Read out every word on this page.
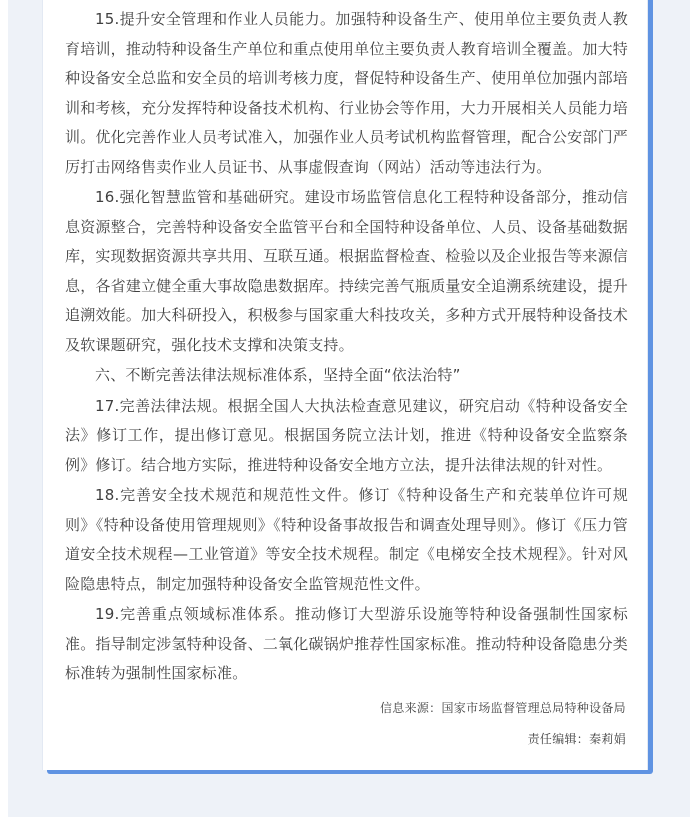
15.提升安全管理和作业人员能力。加强特种设备生产、使用单位主要负责人教育培训，推动特种设备生产单位和重点使用单位主要负责人教育培训全覆盖。加大特种设备安全总监和安全员的培训考核力度，督促特种设备生产、使用单位加强内部培训和考核，充分发挥特种设备技术机构、行业协会等作用，大力开展相关人员能力培训。优化完善作业人员考试准入，加强作业人员考试机构监督管理，配合公安部门严厉打击网络售卖作业人员证书、从事虚假查询（网站）活动等违法行为。

16.强化智慧监管和基础研究。建设市场监管信息化工程特种设备部分，推动信息资源整合，完善特种设备安全监管平台和全国特种设备单位、人员、设备基础数据库，实现数据资源共享共用、互联互通。根据监督检查、检验以及企业报告等来源信息，各省建立健全重大事故隐患数据库。持续完善气瓶质量安全追溯系统建设，提升追溯效能。加大科研投入，积极参与国家重大科技攻关，多种方式开展特种设备技术及软课题研究，强化技术支撑和决策支持。

六、不断完善法律法规标准体系，坚持全面“依法治特”

17.完善法律法规。根据全国人大执法检查意见建议，研究启动《特种设备安全法》修订工作，提出修订意见。根据国务院立法计划，推进《特种设备安全监察条例》修订。结合地方实际，推进特种设备安全地方立法，提升法律法规的针对性。

18.完善安全技术规范和规范性文件。修订《特种设备生产和充装单位许可规则》《特种设备使用管理规则》《特种设备事故报告和调查处理导则》。修订《压力管道安全技术规程—工业管道》等安全技术规程。制定《电梯安全技术规程》。针对风险隐患特点，制定加强特种设备安全监管规范性文件。

19.完善重点领域标准体系。推动修订大型游乐设施等特种设备强制性国家标准。指导制定涉氢特种设备、二氧化碳锅炉推荐性国家标准。推动特种设备隐患分类标准转为强制性国家标准。

信息来源：国家市场监督管理总局特种设备局
责任编辑：秦莉娟
